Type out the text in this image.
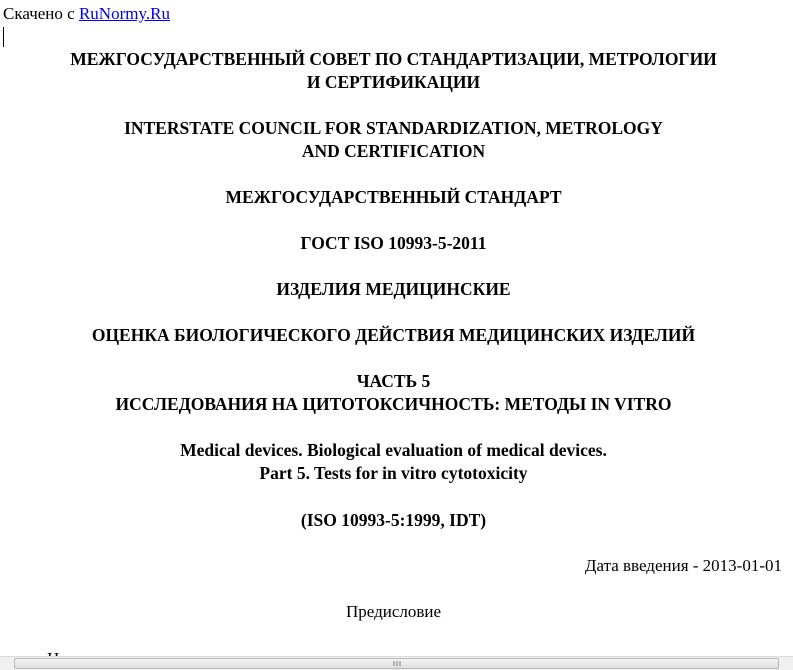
Скачено с RuNormy.Ru
МЕЖГОСУДАРСТВЕННЫЙ СОВЕТ ПО СТАНДАРТИЗАЦИИ, МЕТРОЛОГИИ
И СЕРТИФИКАЦИИ
INTERSTATE COUNCIL FOR STANDARDIZATION, METROLOGY
AND CERTIFICATION
МЕЖГОСУДАРСТВЕННЫЙ СТАНДАРТ
ГОСТ ISO 10993-5-2011
ИЗДЕЛИЯ МЕДИЦИНСКИЕ
ОЦЕНКА БИОЛОГИЧЕСКОГО ДЕЙСТВИЯ МЕДИЦИНСКИХ ИЗДЕЛИЙ
ЧАСТЬ 5
ИССЛЕДОВАНИЯ НА ЦИТОТОКСИЧНОСТЬ: МЕТОДЫ IN VITRO
Medical devices. Biological evaluation of medical devices.
Part 5. Tests for in vitro cytotoxicity
(ISO 10993-5:1999, IDT)
Дата введения - 2013-01-01
Предисловие
